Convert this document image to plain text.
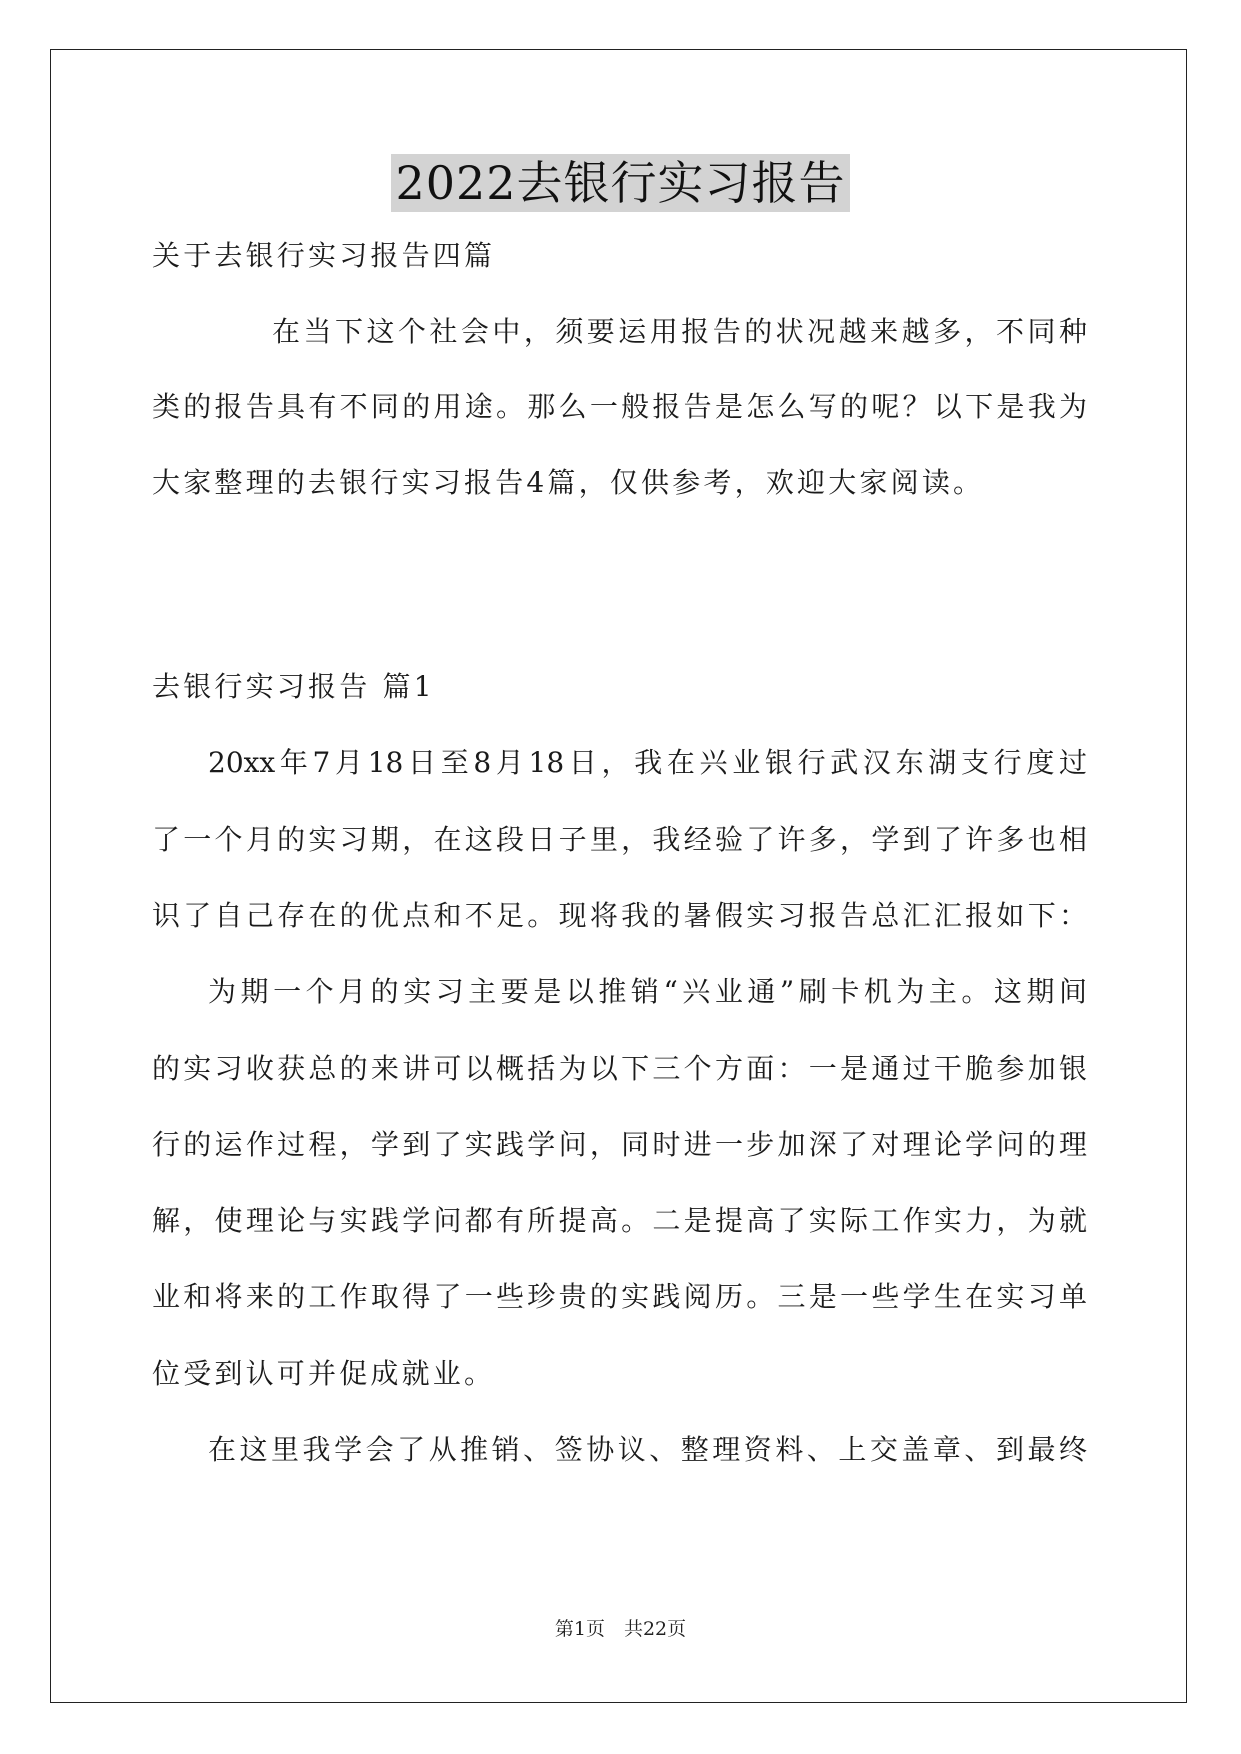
2022去银行实习报告
关于去银行实习报告四篇
在当下这个社会中，须要运用报告的状况越来越多，不同种
类的报告具有不同的用途。那么一般报告是怎么写的呢？以下是我为
大家整理的去银行实习报告4篇，仅供参考，欢迎大家阅读。
去银行实习报告 篇1
20xx年7月18日至8月18日，我在兴业银行武汉东湖支行度过
了一个月的实习期，在这段日子里，我经验了许多，学到了许多也相
识了自己存在的优点和不足。现将我的暑假实习报告总汇汇报如下：
为期一个月的实习主要是以推销“兴业通”刷卡机为主。这期间
的实习收获总的来讲可以概括为以下三个方面：一是通过干脆参加银
行的运作过程，学到了实践学问，同时进一步加深了对理论学问的理
解，使理论与实践学问都有所提高。二是提高了实际工作实力，为就
业和将来的工作取得了一些珍贵的实践阅历。三是一些学生在实习单
位受到认可并促成就业。
在这里我学会了从推销、签协议、整理资料、上交盖章、到最终
第1页　共22页
